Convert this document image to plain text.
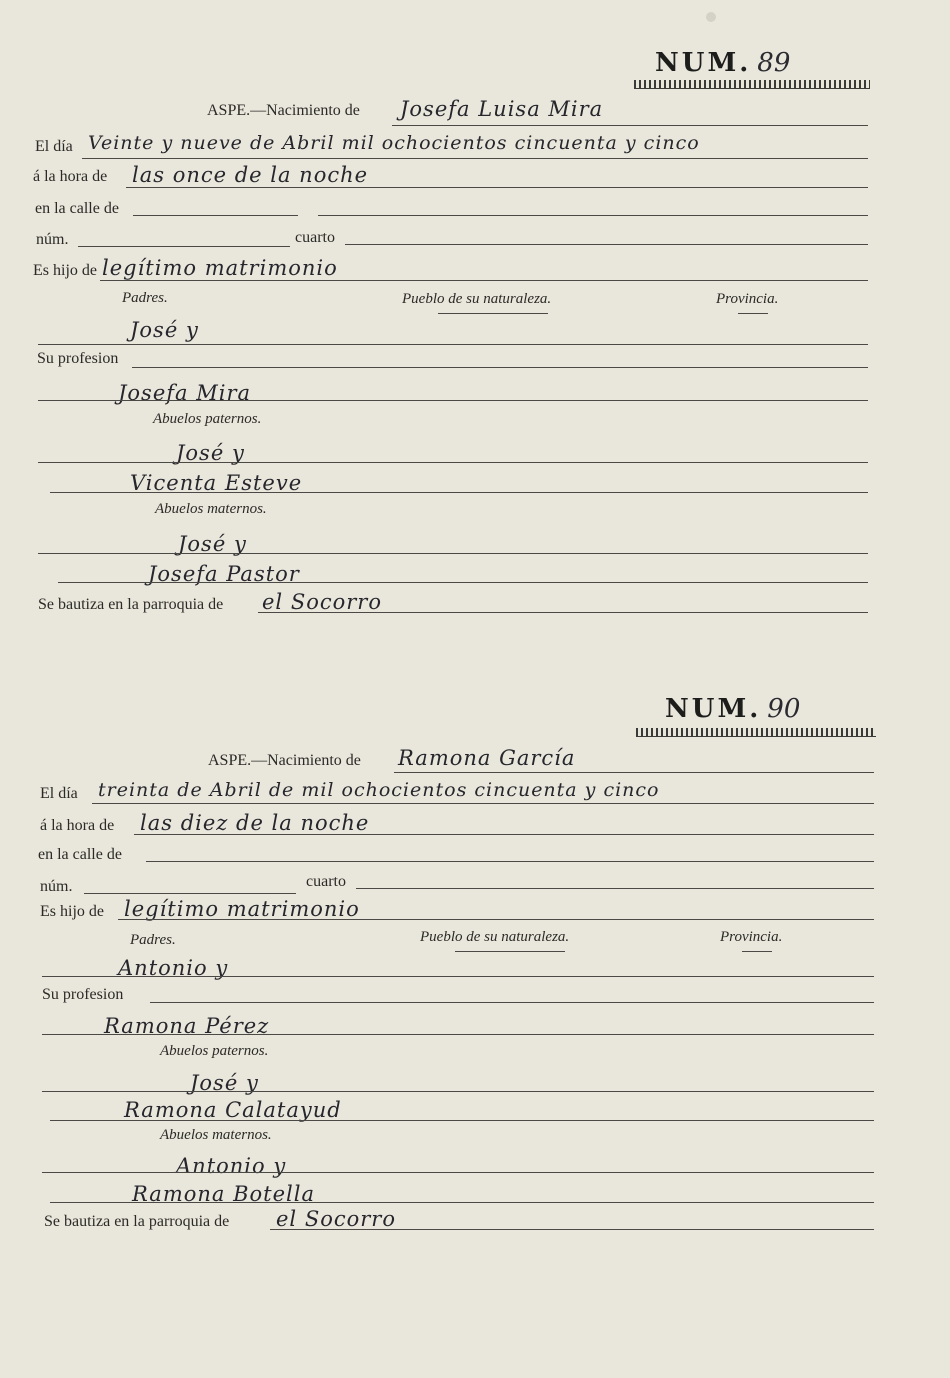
NUM. 89
ASPE.—Nacimiento de Josefa Luisa Mira
El día Veinte y nueve de Abril mil ochocientos cincuenta y cinco
á la hora de las once de la noche
en la calle de
núm.	cuarto
Es hijo de legítimo matrimonio
Padres.	Pueblo de su naturaleza.	Provincia.
José y
Su profesion
Josefa Mira
Abuelos paternos.
José y
Vicenta Esteve
Abuelos maternos.
José y
Josefa Pastor
Se bautiza en la parroquia de el Socorro
NUM. 90
ASPE.—Nacimiento de Ramona García
El día treinta de Abril de mil ochocientos cincuenta y cinco
á la hora de las diez de la noche
en la calle de
núm.	cuarto
Es hijo de legítimo matrimonio
Padres.	Pueblo de su naturaleza.	Provincia.
Antonio y
Su profesion
Ramona Pérez
Abuelos paternos.
José y
Ramona Calatayud
Abuelos maternos.
Antonio y
Ramona Botella
Se bautiza en la parroquia de el Socorro
